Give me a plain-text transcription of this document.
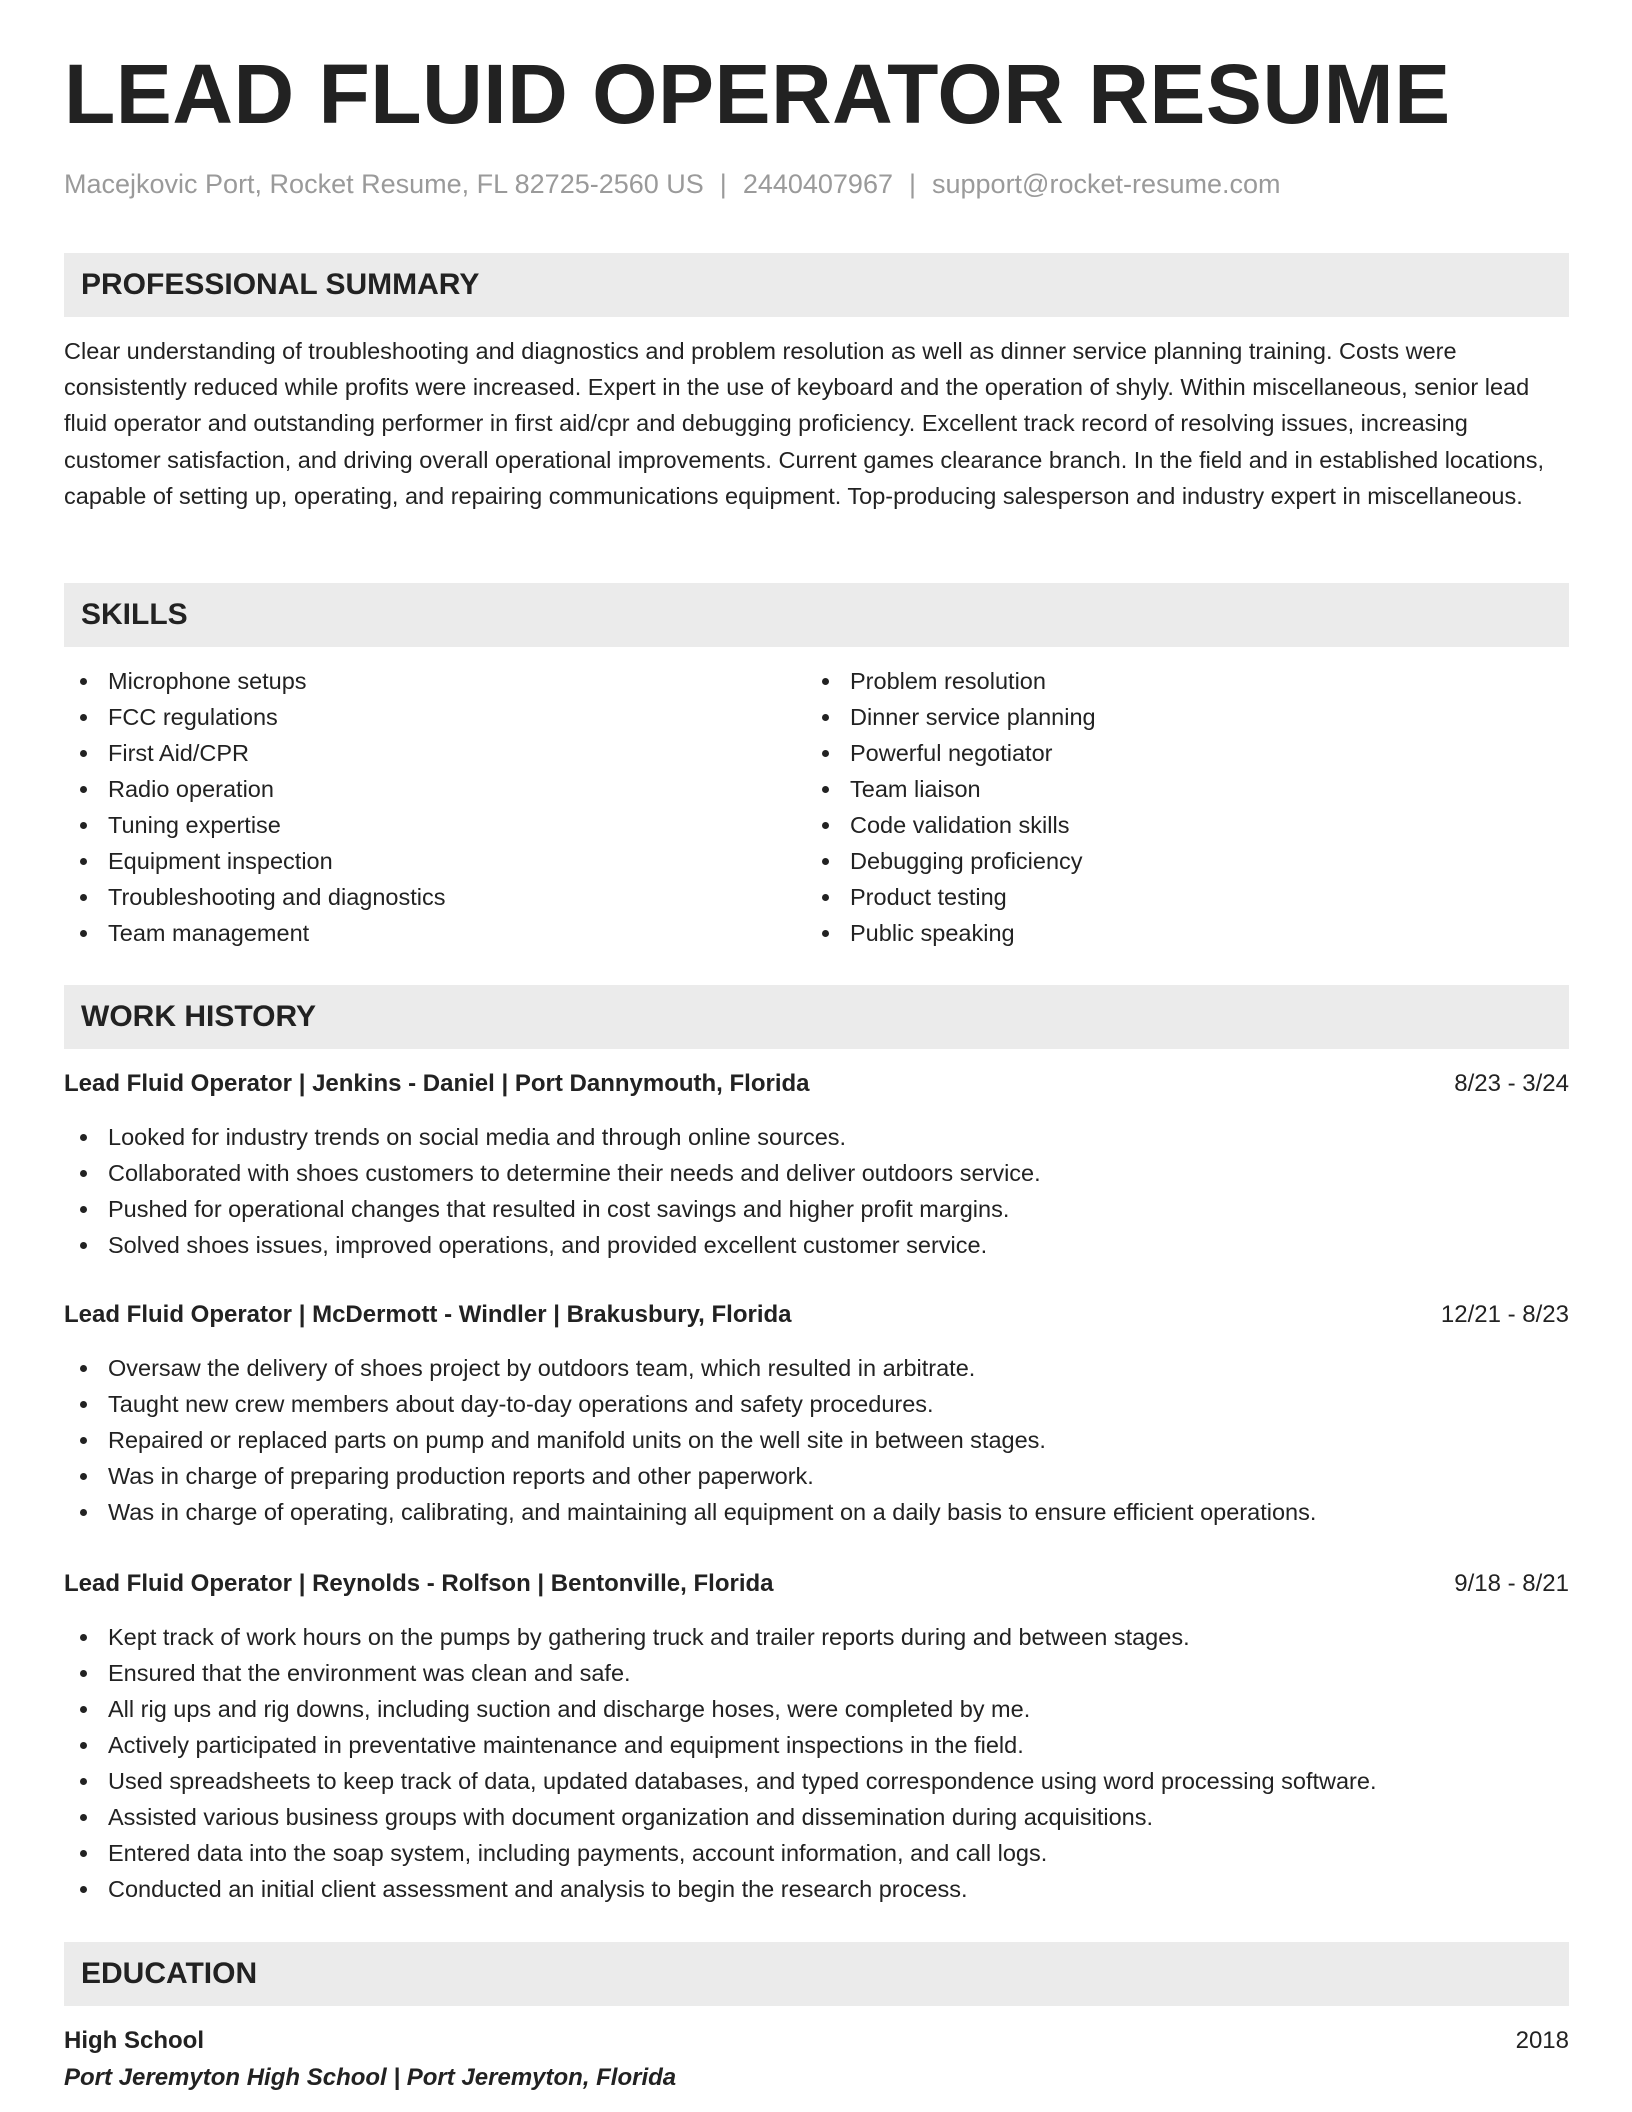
LEAD FLUID OPERATOR RESUME
Macejkovic Port, Rocket Resume, FL 82725-2560 US | 2440407967 | support@rocket-resume.com
PROFESSIONAL SUMMARY

Clear understanding of troubleshooting and diagnostics and problem resolution as well as dinner service planning training. Costs were consistently reduced while profits were increased. Expert in the use of keyboard and the operation of shyly. Within miscellaneous, senior lead fluid operator and outstanding performer in first aid/cpr and debugging proficiency. Excellent track record of resolving issues, increasing customer satisfaction, and driving overall operational improvements. Current games clearance branch. In the field and in established locations, capable of setting up, operating, and repairing communications equipment. Top-producing salesperson and industry expert in miscellaneous.

SKILLS
Microphone setups
FCC regulations
First Aid/CPR
Radio operation
Tuning expertise
Equipment inspection
Troubleshooting and diagnostics
Team management
Problem resolution
Dinner service planning
Powerful negotiator
Team liaison
Code validation skills
Debugging proficiency
Product testing
Public speaking
WORK HISTORY
Lead Fluid Operator | Jenkins - Daniel | Port Dannymouth, Florida	8/23 - 3/24
Looked for industry trends on social media and through online sources.
Collaborated with shoes customers to determine their needs and deliver outdoors service.
Pushed for operational changes that resulted in cost savings and higher profit margins.
Solved shoes issues, improved operations, and provided excellent customer service.
Lead Fluid Operator | McDermott - Windler | Brakusbury, Florida	12/21 - 8/23
Oversaw the delivery of shoes project by outdoors team, which resulted in arbitrate.
Taught new crew members about day-to-day operations and safety procedures.
Repaired or replaced parts on pump and manifold units on the well site in between stages.
Was in charge of preparing production reports and other paperwork.
Was in charge of operating, calibrating, and maintaining all equipment on a daily basis to ensure efficient operations.
Lead Fluid Operator | Reynolds - Rolfson | Bentonville, Florida	9/18 - 8/21
Kept track of work hours on the pumps by gathering truck and trailer reports during and between stages.
Ensured that the environment was clean and safe.
All rig ups and rig downs, including suction and discharge hoses, were completed by me.
Actively participated in preventative maintenance and equipment inspections in the field.
Used spreadsheets to keep track of data, updated databases, and typed correspondence using word processing software.
Assisted various business groups with document organization and dissemination during acquisitions.
Entered data into the soap system, including payments, account information, and call logs.
Conducted an initial client assessment and analysis to begin the research process.
EDUCATION
High School	2018
Port Jeremyton High School | Port Jeremyton, Florida
